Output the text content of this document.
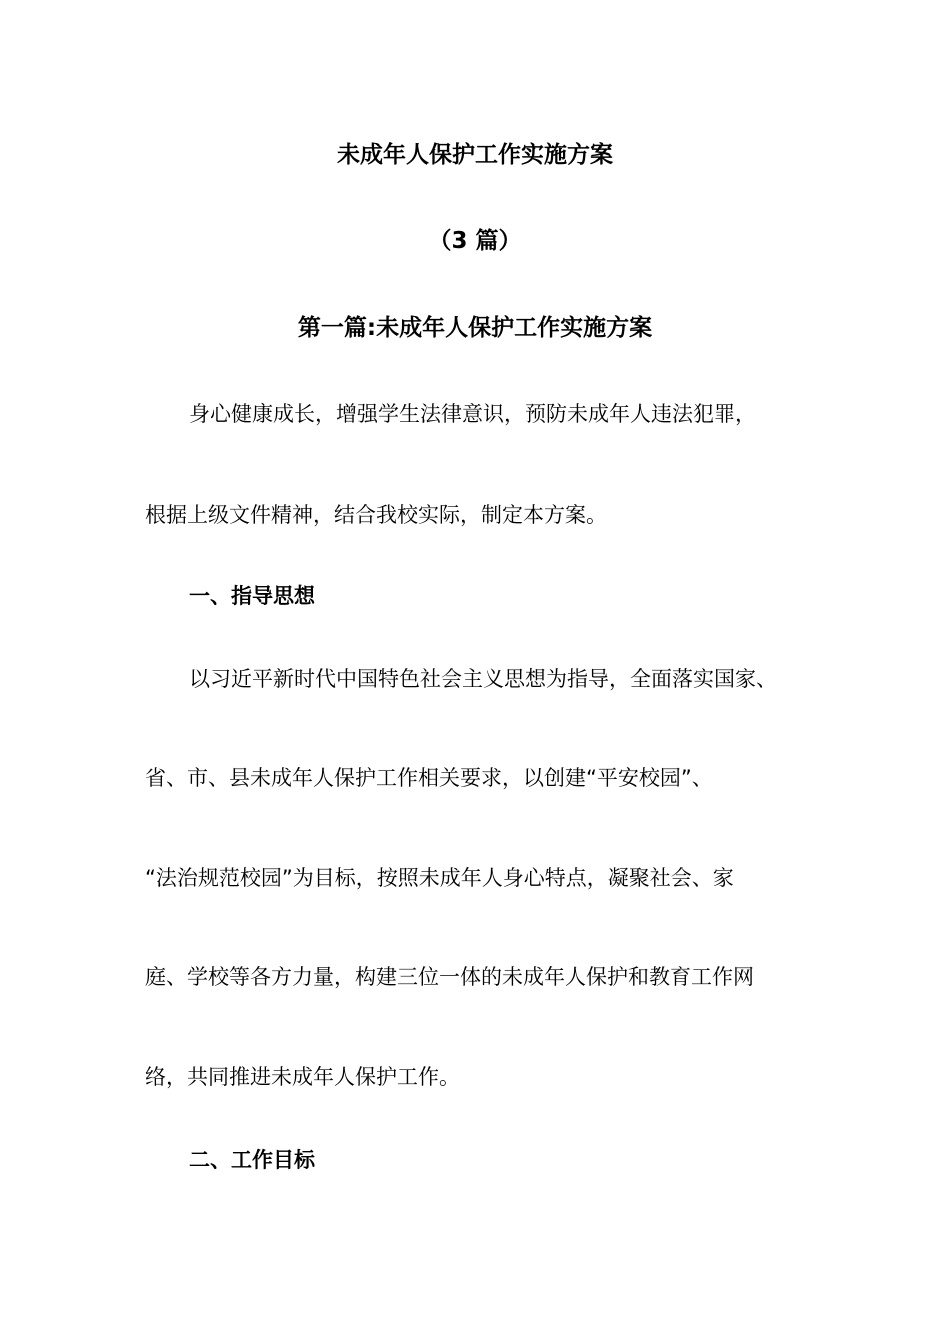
未成年人保护工作实施方案
（3 篇）
第一篇:未成年人保护工作实施方案
身心健康成长，增强学生法律意识，预防未成年人违法犯罪，
根据上级文件精神，结合我校实际，制定本方案。
一、指导思想
以习近平新时代中国特色社会主义思想为指导，全面落实国家、
省、市、县未成年人保护工作相关要求，以创建“平安校园”、
“法治规范校园”为目标，按照未成年人身心特点，凝聚社会、家
庭、学校等各方力量，构建三位一体的未成年人保护和教育工作网
络，共同推进未成年人保护工作。
二、工作目标
